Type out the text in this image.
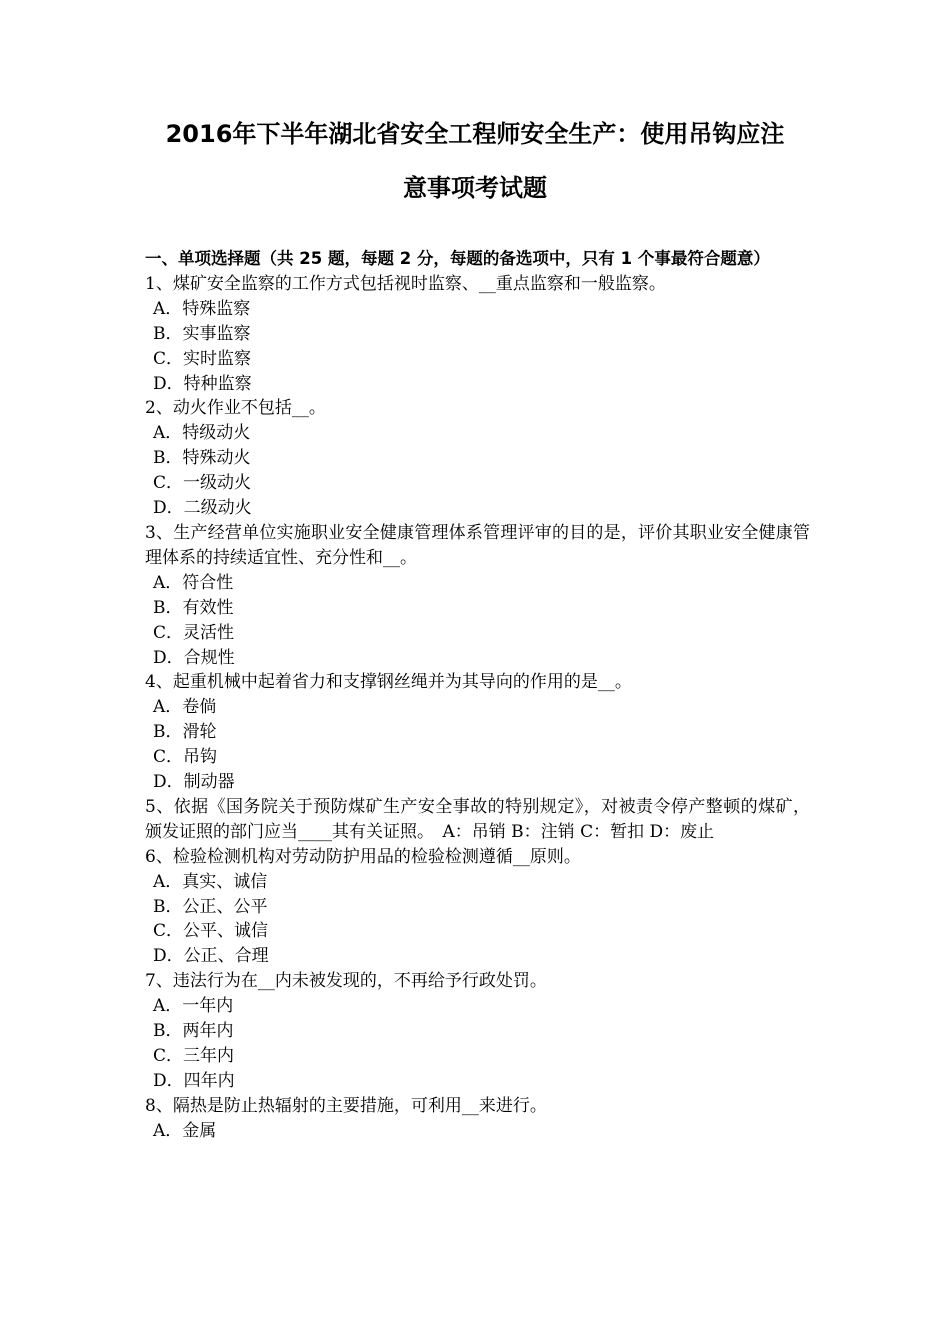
2016年下半年湖北省安全工程师安全生产：使用吊钩应注
意事项考试题
一、单项选择题（共 25 题，每题 2 分，每题的备选项中，只有 1 个事最符合题意）

1、煤矿安全监察的工作方式包括视时监察、__重点监察和一般监察。

A．特殊监察

B．实事监察

C．实时监察

D．特种监察

2、动火作业不包括__。

A．特级动火

B．特殊动火

C．一级动火

D．二级动火

3、生产经营单位实施职业安全健康管理体系管理评审的目的是，评价其职业安全健康管理体系的持续适宜性、充分性和__。

A．符合性

B．有效性

C．灵活性

D．合规性

4、起重机械中起着省力和支撑钢丝绳并为其导向的作用的是__。

A．卷倘

B．滑轮

C．吊钩

D．制动器

5、依据《国务院关于预防煤矿生产安全事故的特别规定》，对被责令停产整顿的煤矿，颁发证照的部门应当____其有关证照。　A：吊销 B：注销 C：暂扣 D：废止

6、检验检测机构对劳动防护用品的检验检测遵循__原则。

A．真实、诚信

B．公正、公平

C．公平、诚信

D．公正、合理

7、违法行为在__内未被发现的，不再给予行政处罚。

A．一年内

B．两年内

C．三年内

D．四年内

8、隔热是防止热辐射的主要措施，可利用__来进行。

A．金属
